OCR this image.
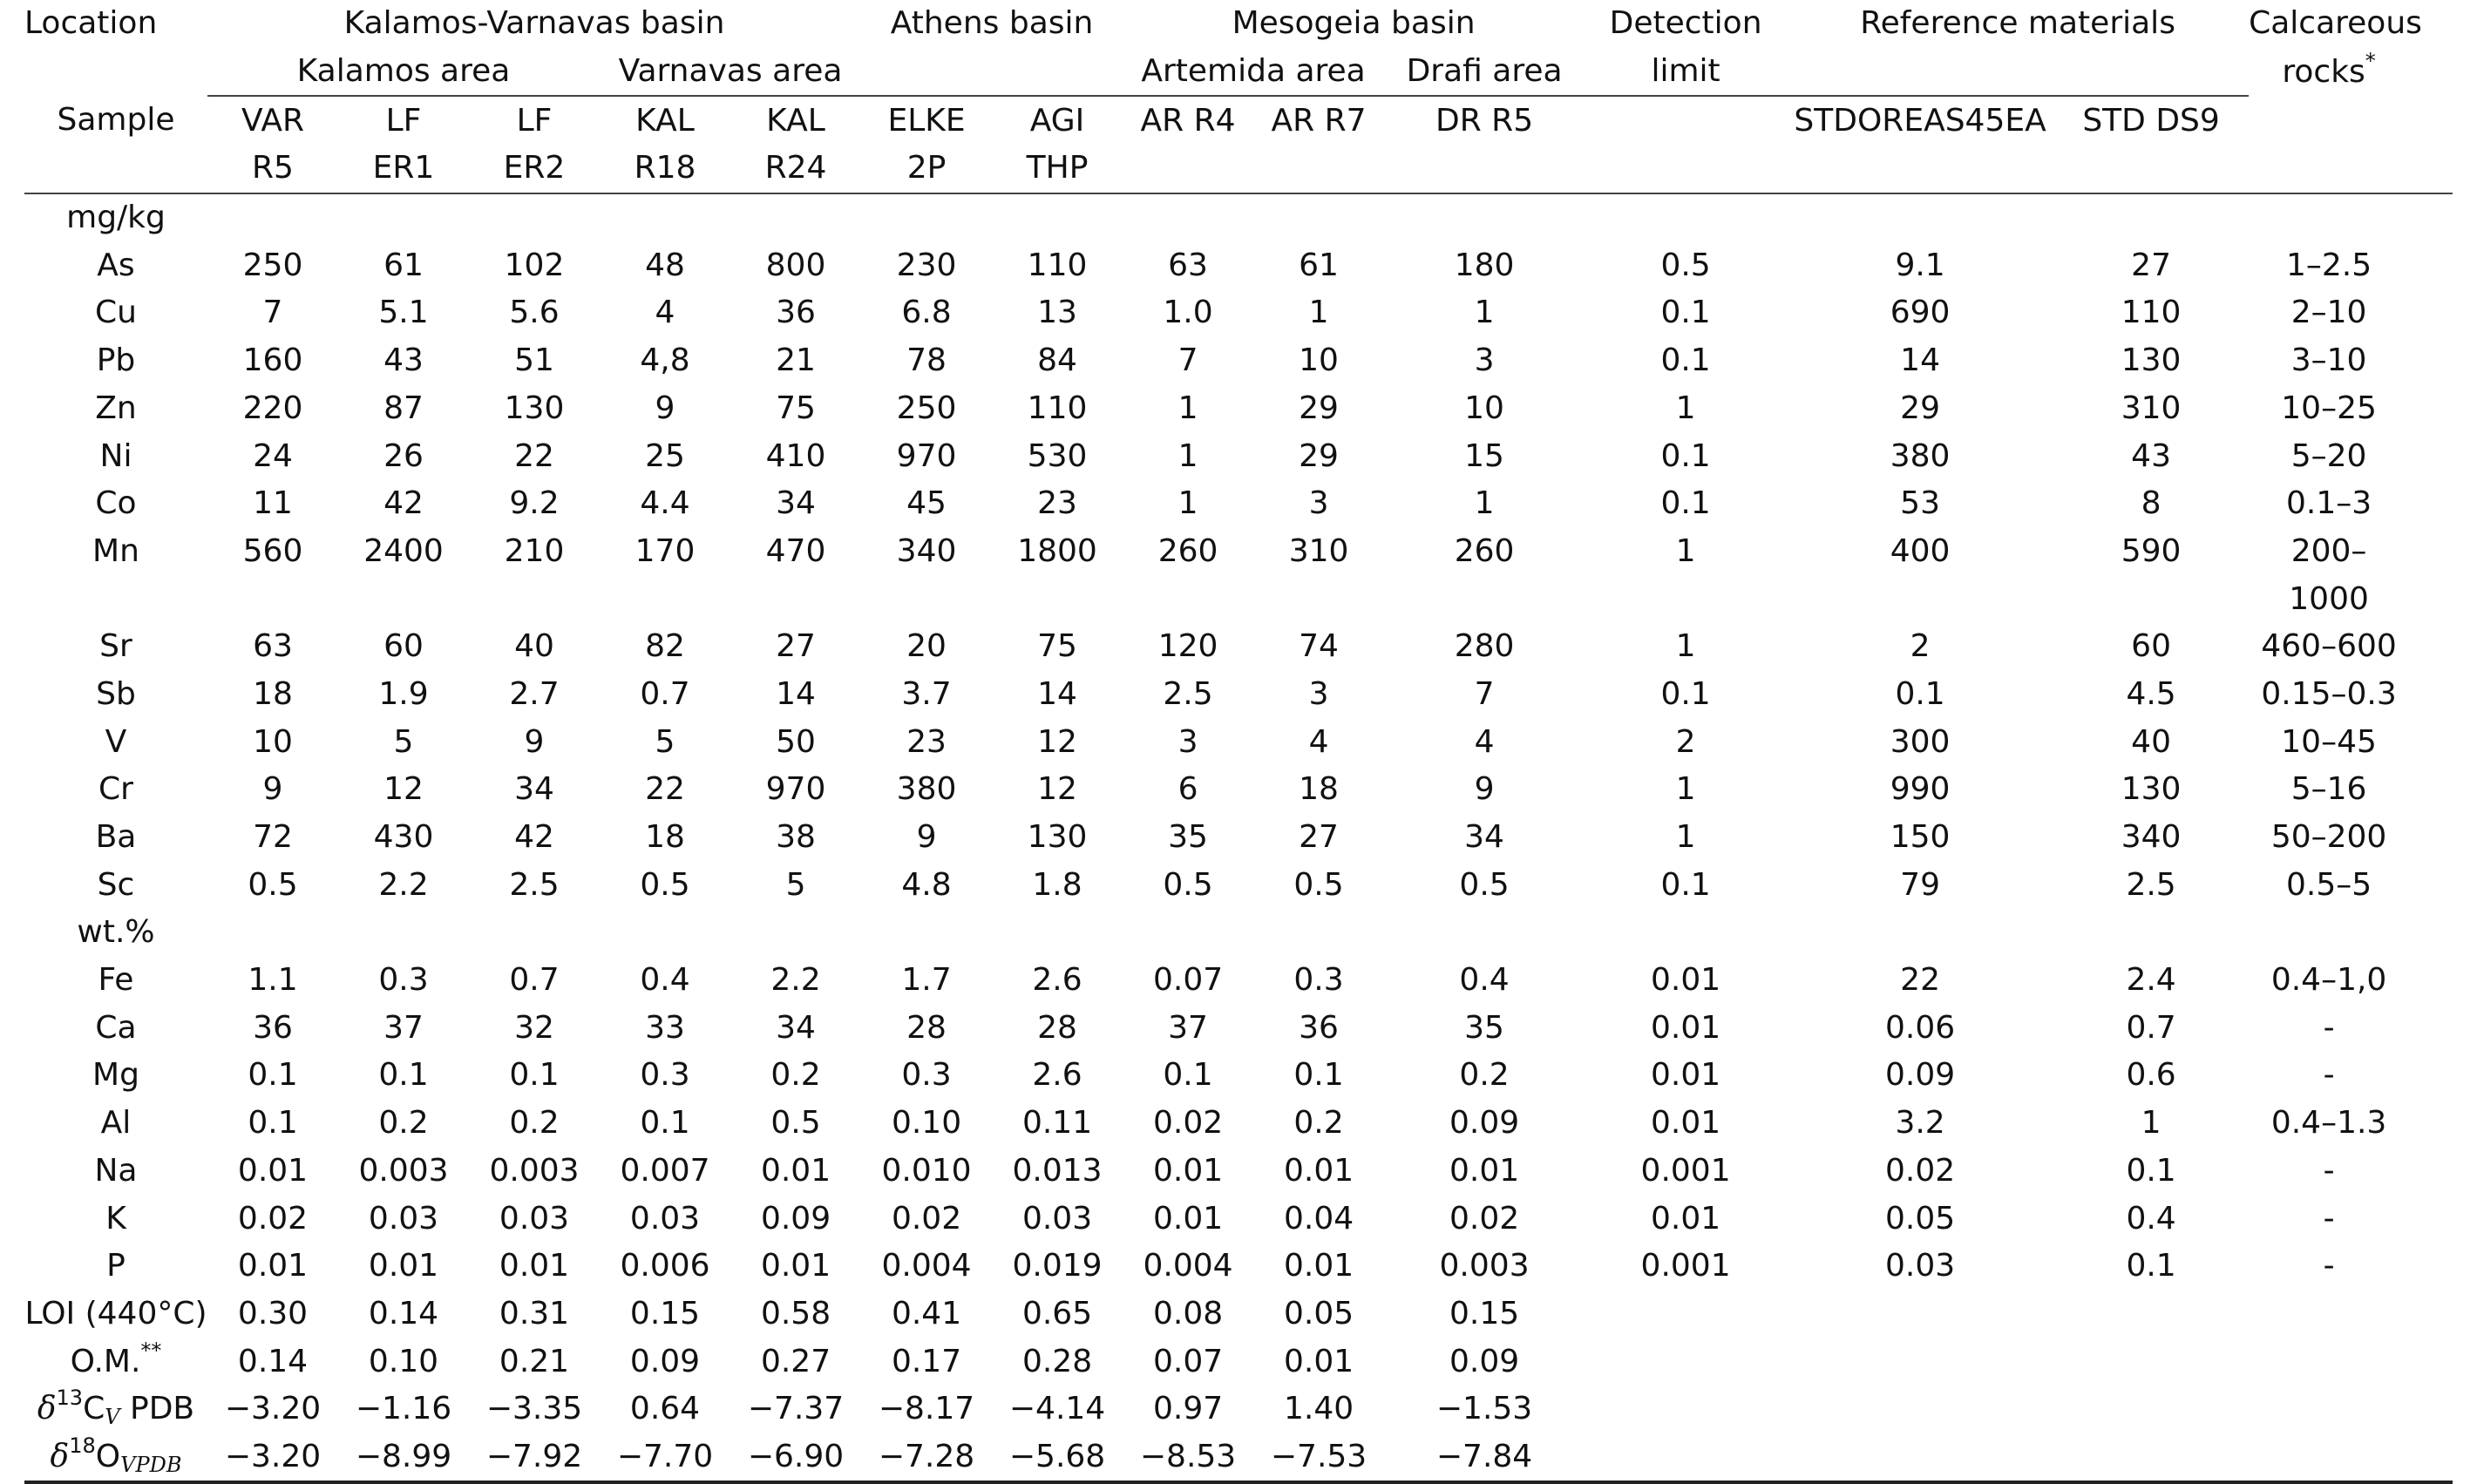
Location	Kalamos-Varnavas basin					Athens basin		Mesogeia basin			Detection	Reference materials		Calcareous	
	Kalamos area			Varnavas area				Artemida area		Drafi area	limit			rocks*	
Sample	VAR	LF	LF	KAL	KAL	ELKE	AGI	AR R4	AR R7	DR R5		STDOREAS45EA	STD DS9		
	R5	ER1	ER2	R18	R24	2P	THP								
mg/kg															
As	250	61	102	48	800	230	110	63	61	180	0.5	9.1	27	1–2.5	
Cu	7	5.1	5.6	4	36	6.8	13	1.0	1	1	0.1	690	110	2–10	
Pb	160	43	51	4,8	21	78	84	7	10	3	0.1	14	130	3–10	
Zn	220	87	130	9	75	250	110	1	29	10	1	29	310	10–25	
Ni	24	26	22	25	410	970	530	1	29	15	0.1	380	43	5–20	
Co	11	42	9.2	4.4	34	45	23	1	3	1	0.1	53	8	0.1–3	
Mn	560	2400	210	170	470	340	1800	260	310	260	1	400	590	200–	
														1000	
Sr	63	60	40	82	27	20	75	120	74	280	1	2	60	460–600	
Sb	18	1.9	2.7	0.7	14	3.7	14	2.5	3	7	0.1	0.1	4.5	0.15–0.3	
V	10	5	9	5	50	23	12	3	4	4	2	300	40	10–45	
Cr	9	12	34	22	970	380	12	6	18	9	1	990	130	5–16	
Ba	72	430	42	18	38	9	130	35	27	34	1	150	340	50–200	
Sc	0.5	2.2	2.5	0.5	5	4.8	1.8	0.5	0.5	0.5	0.1	79	2.5	0.5–5	
wt.%															
Fe	1.1	0.3	0.7	0.4	2.2	1.7	2.6	0.07	0.3	0.4	0.01	22	2.4	0.4–1,0	
Ca	36	37	32	33	34	28	28	37	36	35	0.01	0.06	0.7	-	
Mg	0.1	0.1	0.1	0.3	0.2	0.3	2.6	0.1	0.1	0.2	0.01	0.09	0.6	-	
Al	0.1	0.2	0.2	0.1	0.5	0.10	0.11	0.02	0.2	0.09	0.01	3.2	1	0.4–1.3	
Na	0.01	0.003	0.003	0.007	0.01	0.010	0.013	0.01	0.01	0.01	0.001	0.02	0.1	-	
K	0.02	0.03	0.03	0.03	0.09	0.02	0.03	0.01	0.04	0.02	0.01	0.05	0.4	-	
P	0.01	0.01	0.01	0.006	0.01	0.004	0.019	0.004	0.01	0.003	0.001	0.03	0.1	-	
LOI (440°C)	0.30	0.14	0.31	0.15	0.58	0.41	0.65	0.08	0.05	0.15					
O.M.**	0.14	0.10	0.21	0.09	0.27	0.17	0.28	0.07	0.01	0.09					
$\delta^{13}C_V$ PDB	−3.20	−1.16	−3.35	0.64	−7.37	−8.17	−4.14	0.97	1.40	−1.53					
$\delta^{18}O_{VPDB}$	−3.20	−8.99	−7.92	−7.70	−6.90	−7.28	−5.68	−8.53	−7.53	−7.84					
